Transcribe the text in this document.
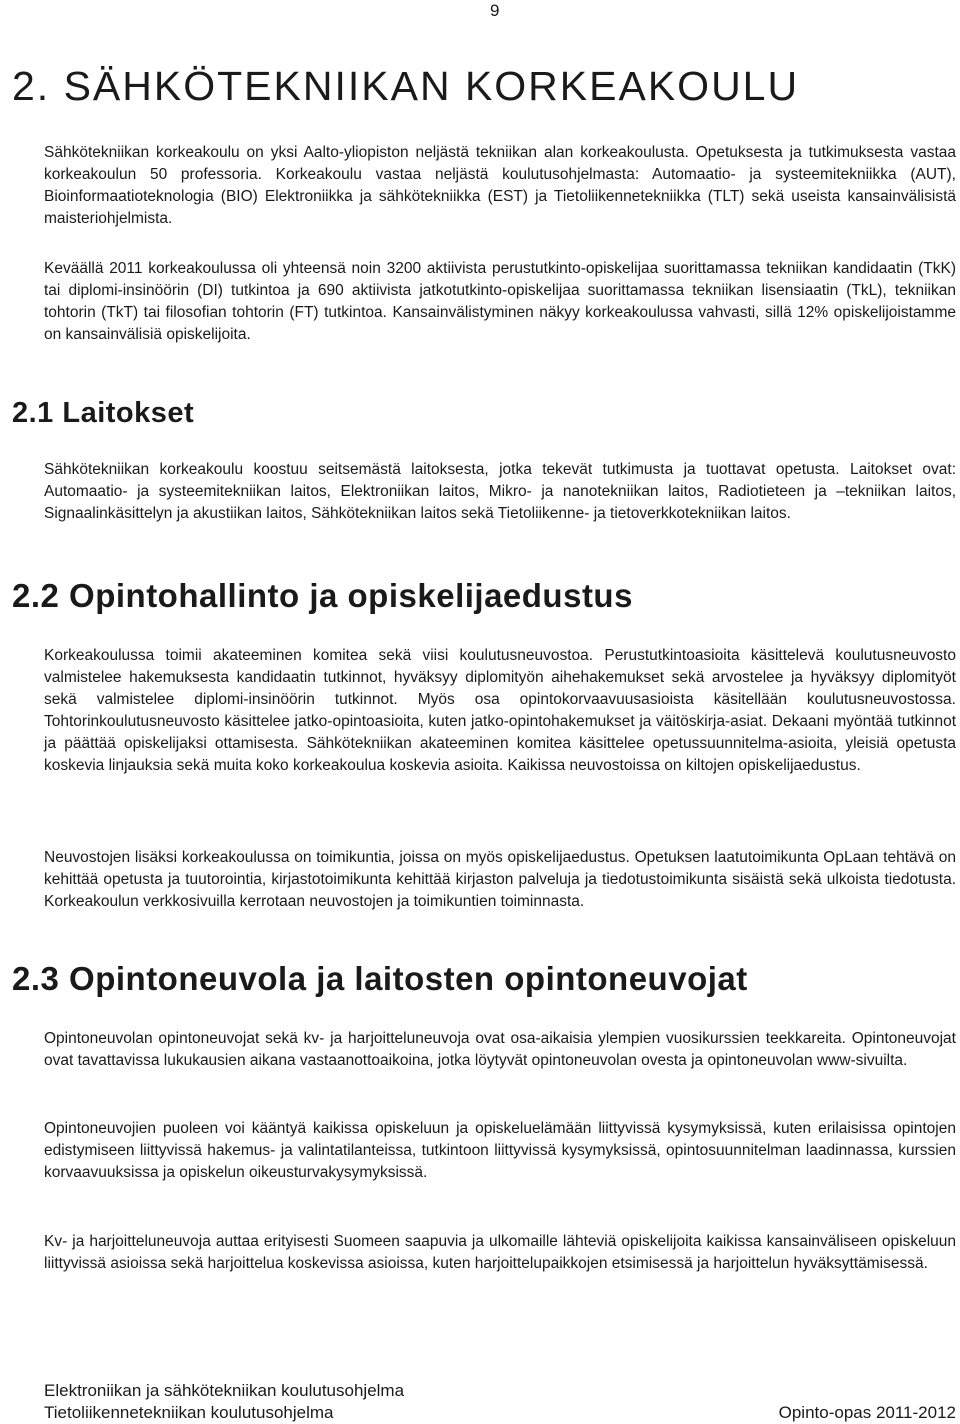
9
2. SÄHKÖTEKNIIKAN KORKEAKOULU

Sähkötekniikan korkeakoulu on yksi Aalto-yliopiston neljästä tekniikan alan korkeakoulusta. Opetuksesta ja tutkimuksesta vastaa korkeakoulun 50 professoria. Korkeakoulu vastaa neljästä koulutusohjelmasta: Automaatio- ja systeemitekniikka (AUT), Bioinformaatioteknologia (BIO) Elektroniikka ja sähkötekniikka (EST) ja Tietoliikennetekniikka (TLT) sekä useista kansainvälisistä maisteriohjelmista.

Keväällä 2011 korkeakoulussa oli yhteensä noin 3200 aktiivista perustutkinto-opiskelijaa suorittamassa tekniikan kandidaatin (TkK) tai diplomi-insinöörin (DI) tutkintoa ja 690 aktiivista jatkotutkinto-opiskelijaa suorittamassa tekniikan lisensiaatin (TkL), tekniikan tohtorin (TkT) tai filosofian tohtorin (FT) tutkintoa. Kansainvälistyminen näkyy korkeakoulussa vahvasti, sillä 12% opiskelijoistamme on kansainvälisiä opiskelijoita.

2.1 Laitokset

Sähkötekniikan korkeakoulu koostuu seitsemästä laitoksesta, jotka tekevät tutkimusta ja tuottavat opetusta. Laitokset ovat: Automaatio- ja systeemitekniikan laitos, Elektroniikan laitos, Mikro- ja nanotekniikan laitos, Radiotieteen ja –tekniikan laitos, Signaalinkäsittelyn ja akustiikan laitos, Sähkötekniikan laitos sekä Tietoliikenne- ja tietoverkkotekniikan laitos.

2.2 Opintohallinto ja opiskelijaedustus

Korkeakoulussa toimii akateeminen komitea sekä viisi koulutusneuvostoa. Perustutkintoasioita käsittelevä koulutusneuvosto valmistelee hakemuksesta kandidaatin tutkinnot, hyväksyy diplomityön aihehakemukset sekä arvostelee ja hyväksyy diplomityöt sekä valmistelee diplomi-insinöörin tutkinnot. Myös osa opintokorvaavuusasioista käsitellään koulutusneuvostossa. Tohtorinkoulutusneuvosto käsittelee jatko-opintoasioita, kuten jatko-opintohakemukset ja väitöskirja-asiat. Dekaani myöntää tutkinnot ja päättää opiskelijaksi ottamisesta. Sähkötekniikan akateeminen komitea käsittelee opetussuunnitelma-asioita, yleisiä opetusta koskevia linjauksia sekä muita koko korkeakoulua koskevia asioita. Kaikissa neuvostoissa on kiltojen opiskelijaedustus.

Neuvostojen lisäksi korkeakoulussa on toimikuntia, joissa on myös opiskelijaedustus. Opetuksen laatutoimikunta OpLaan tehtävä on kehittää opetusta ja tuutorointia, kirjastotoimikunta kehittää kirjaston palveluja ja tiedotustoimikunta sisäistä sekä ulkoista tiedotusta. Korkeakoulun verkkosivuilla kerrotaan neuvostojen ja toimikuntien toiminnasta.

2.3 Opintoneuvola ja laitosten opintoneuvojat

Opintoneuvolan opintoneuvojat sekä kv- ja harjoitteluneuvoja ovat osa-aikaisia ylempien vuosikurssien teekkareita. Opintoneuvojat ovat tavattavissa lukukausien aikana vastaanottoaikoina, jotka löytyvät opintoneuvolan ovesta ja opintoneuvolan www-sivuilta.

Opintoneuvojien puoleen voi kääntyä kaikissa opiskeluun ja opiskeluelämään liittyvissä kysymyksissä, kuten erilaisissa opintojen edistymiseen liittyvissä hakemus- ja valintatilanteissa, tutkintoon liittyvissä kysymyksissä, opintosuunnitelman laadinnassa, kurssien korvaavuuksissa ja opiskelun oikeusturvakysymyksissä.

Kv- ja harjoitteluneuvoja auttaa erityisesti Suomeen saapuvia ja ulkomaille lähteviä opiskelijoita kaikissa kansainväliseen opiskeluun liittyvissä asioissa sekä harjoittelua koskevissa asioissa, kuten harjoittelupaikkojen etsimisessä ja harjoittelun hyväksyttämisessä.

Elektroniikan ja sähkötekniikan koulutusohjelma
Tietoliikennetekniikan koulutusohjelma	Opinto-opas 2011-2012
